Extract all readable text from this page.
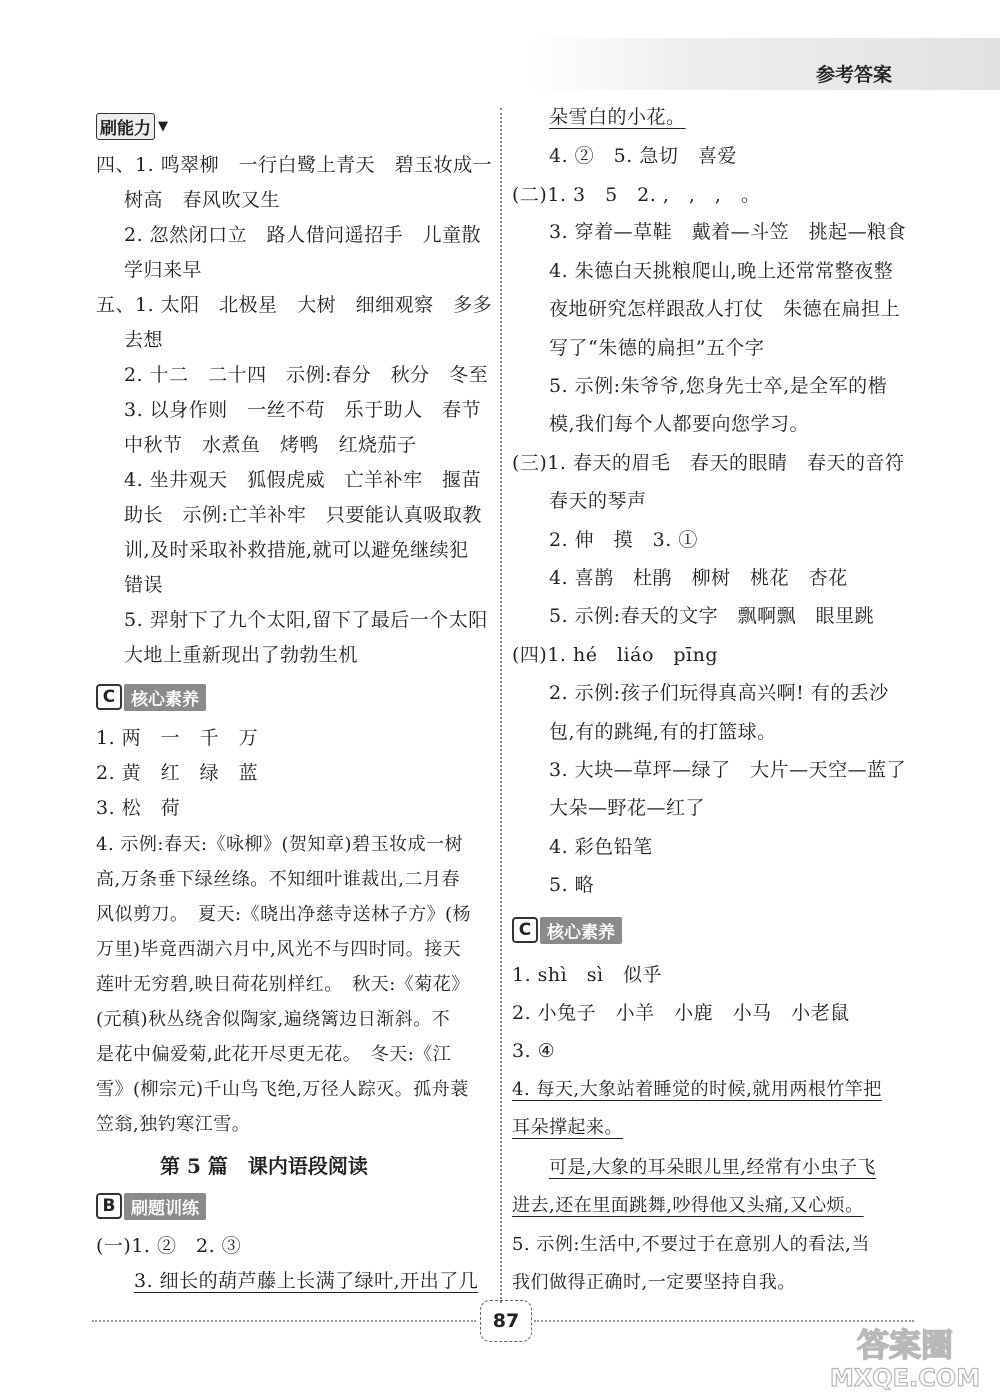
参考答案
刷能力 ▼
四、1. 鸣翠柳　一行白鹭上青天　碧玉妆成一
树高　春风吹又生
2. 忽然闭口立　路人借问遥招手　儿童散
学归来早
五、1. 太阳　北极星　大树　细细观察　多多
去想
2. 十二　二十四　示例:春分　秋分　冬至
3. 以身作则　一丝不苟　乐于助人　春节
中秋节　水煮鱼　烤鸭　红烧茄子
4. 坐井观天　狐假虎威　亡羊补牢　揠苗
助长　示例:亡羊补牢　只要能认真吸取教
训,及时采取补救措施,就可以避免继续犯
错误
5. 羿射下了九个太阳,留下了最后一个太阳
大地上重新现出了勃勃生机
C 核心素养
1. 两　一　千　万
2. 黄　红　绿　蓝
3. 松　荷
4. 示例:春天:《咏柳》(贺知章)碧玉妆成一树
高,万条垂下绿丝绦。不知细叶谁裁出,二月春
风似剪刀。　夏天:《晓出净慈寺送林子方》(杨
万里)毕竟西湖六月中,风光不与四时同。接天
莲叶无穷碧,映日荷花别样红。　秋天:《菊花》
(元稹)秋丛绕舍似陶家,遍绕篱边日渐斜。不
是花中偏爱菊,此花开尽更无花。　冬天:《江
雪》(柳宗元)千山鸟飞绝,万径人踪灭。孤舟蓑
笠翁,独钓寒江雪。
第 5 篇　课内语段阅读
B 刷题训练
(一)1. ②　2. ③
3. 细长的葫芦藤上长满了绿叶,开出了几
朵雪白的小花。
4. ②　5. 急切　喜爱
(二)1. 3　5　2. ,　,　,　。
3. 穿着—草鞋　戴着—斗笠　挑起—粮食
4. 朱德白天挑粮爬山,晚上还常常整夜整
夜地研究怎样跟敌人打仗　朱德在扁担上
写了“朱德的扁担”五个字
5. 示例:朱爷爷,您身先士卒,是全军的楷
模,我们每个人都要向您学习。
(三)1. 春天的眉毛　春天的眼睛　春天的音符
春天的琴声
2. 伸　摸　3. ①
4. 喜鹊　杜鹃　柳树　桃花　杏花
5. 示例:春天的文字　飘啊飘　眼里跳
(四)1. hé　liáo　pīng
2. 示例:孩子们玩得真高兴啊! 有的丢沙
包,有的跳绳,有的打篮球。
3. 大块—草坪—绿了　大片—天空—蓝了
大朵—野花—红了
4. 彩色铅笔
5. 略
C 核心素养
1. shì　sì　似乎
2. 小兔子　小羊　小鹿　小马　小老鼠
3. ④
4. 每天,大象站着睡觉的时候,就用两根竹竿把
耳朵撑起来。
可是,大象的耳朵眼儿里,经常有小虫子飞
进去,还在里面跳舞,吵得他又头痛,又心烦。
5. 示例:生活中,不要过于在意别人的看法,当
我们做得正确时,一定要坚持自我。
87
答案圈
MXQE.COM
